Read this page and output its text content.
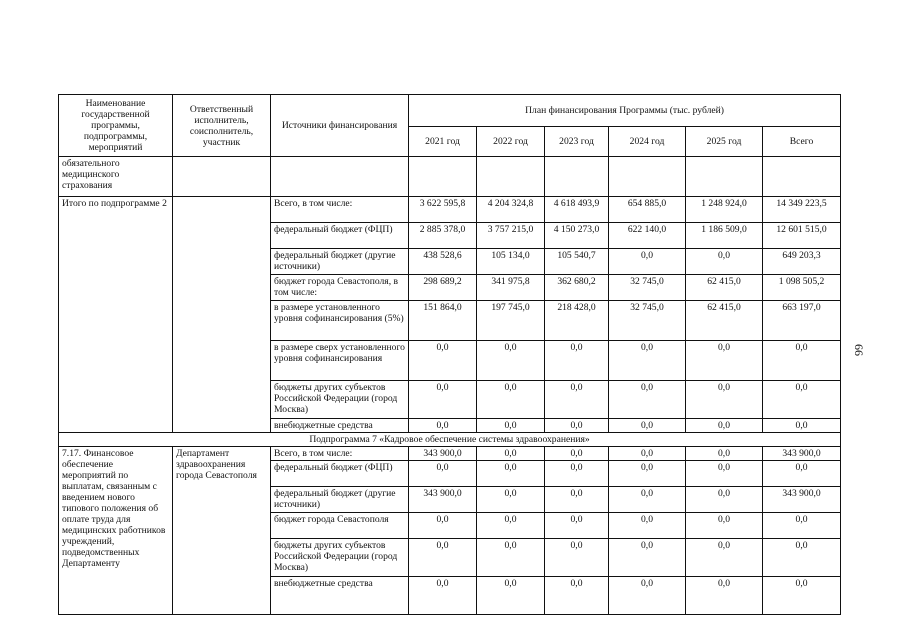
66
Наименование государственной программы, подпрограммы, мероприятий	Ответственный исполнитель, соисполнитель, участник	Источники финансирования	План финансирования Программы (тыс. рублей)					
			2021 год	2022 год	2023 год	2024 год	2025 год	Всего
обязательного медицинского страхования								
Итого по подпрограмме 2		Всего, в том числе:	3 622 595,8	4 204 324,8	4 618 493,9	654 885,0	1 248 924,0	14 349 223,5
		федеральный бюджет (ФЦП)	2 885 378,0	3 757 215,0	4 150 273,0	622 140,0	1 186 509,0	12 601 515,0
		федеральный бюджет (другие источники)	438 528,6	105 134,0	105 540,7	0,0	0,0	649 203,3
		бюджет города Севастополя, в том числе:	298 689,2	341 975,8	362 680,2	32 745,0	62 415,0	1 098 505,2
		в размере установленного уровня софинансирования (5%)	151 864,0	197 745,0	218 428,0	32 745,0	62 415,0	663 197,0
		в размере сверх установленного уровня софинансирования	0,0	0,0	0,0	0,0	0,0	0,0
		бюджеты других субъектов Российской Федерации (город Москва)	0,0	0,0	0,0	0,0	0,0	0,0
		внебюджетные средства	0,0	0,0	0,0	0,0	0,0	0,0
Подпрограмма 7 «Кадровое обеспечение системы здравоохранения»								
7.17. Финансовое обеспечение мероприятий по выплатам, связанным с введением нового типового положения об оплате труда для медицинских работников учреждений, подведомственных Департаменту	Департамент здравоохранения города Севастополя	Всего, в том числе:	343 900,0	0,0	0,0	0,0	0,0	343 900,0
		федеральный бюджет (ФЦП)	0,0	0,0	0,0	0,0	0,0	0,0
		федеральный бюджет (другие источники)	343 900,0	0,0	0,0	0,0	0,0	343 900,0
		бюджет города Севастополя	0,0	0,0	0,0	0,0	0,0	0,0
		бюджеты других субъектов Российской Федерации (город Москва)	0,0	0,0	0,0	0,0	0,0	0,0
		внебюджетные средства	0,0	0,0	0,0	0,0	0,0	0,0
